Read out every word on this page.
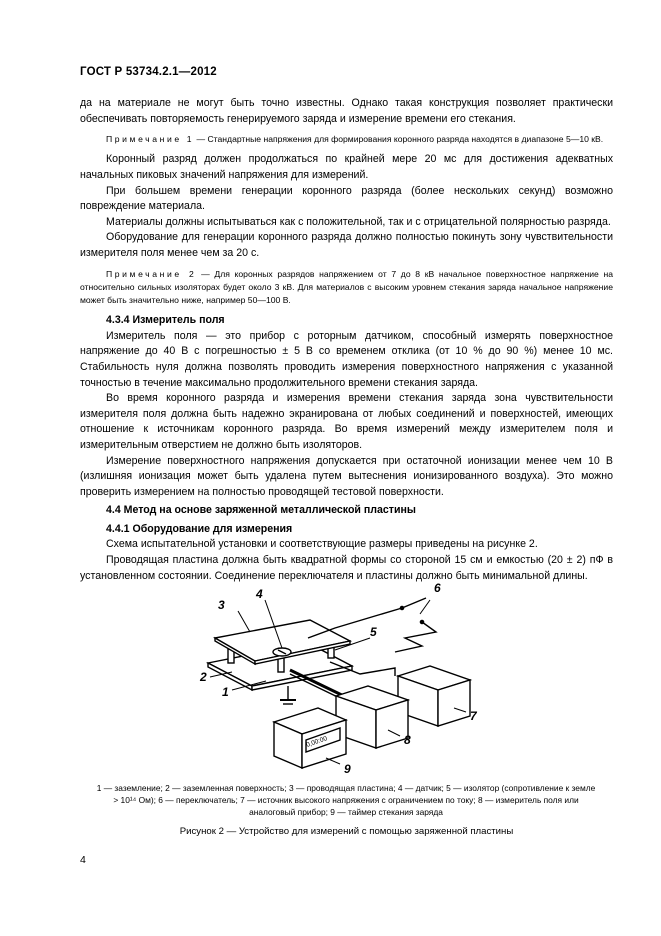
ГОСТ Р 53734.2.1—2012

да на материале не могут быть точно известны. Однако такая конструкция позволяет практически обеспечивать повторяемость генерируемого заряда и измерение времени его стекания.

Примечание 1 — Стандартные напряжения для формирования коронного разряда находятся в диапазоне 5—10 кВ.

Коронный разряд должен продолжаться по крайней мере 20 мс для достижения адекватных начальных пиковых значений напряжения для измерений.

При большем времени генерации коронного разряда (более нескольких секунд) возможно повреждение материала.

Материалы должны испытываться как с положительной, так и с отрицательной полярностью разряда.

Оборудование для генерации коронного разряда должно полностью покинуть зону чувствительности измерителя поля менее чем за 20 с.

Примечание 2 — Для коронных разрядов напряжением от 7 до 8 кВ начальное поверхностное напряжение на относительно сильных изоляторах будет около 3 кВ. Для материалов с высоким уровнем стекания заряда начальное напряжение может быть значительно ниже, например 50—100 В.

4.3.4 Измеритель поля

Измеритель поля — это прибор с роторным датчиком, способный измерять поверхностное напряжение до 40 В с погрешностью ± 5 В со временем отклика (от 10 % до 90 %) менее 10 мс. Стабильность нуля должна позволять проводить измерения поверхностного напряжения с указанной точностью в течение максимально продолжительного времени стекания заряда.

Во время коронного разряда и измерения времени стекания заряда зона чувствительности измерителя поля должна быть надежно экранирована от любых соединений и поверхностей, имеющих отношение к источникам коронного разряда. Во время измерений между измерителем поля и измерительным отверстием не должно быть изоляторов.

Измерение поверхностного напряжения допускается при остаточной ионизации менее чем 10 В (излишняя ионизация может быть удалена путем вытеснения ионизированного воздуха). Это можно проверить измерением на полностью проводящей тестовой поверхности.

4.4 Метод на основе заряженной металлической пластины

4.4.1 Оборудование для измерения

Схема испытательной установки и соответствующие размеры приведены на рисунке 2.

Проводящая пластина должна быть квадратной формы со стороной 15 см и емкостью (20 ± 2) пФ в установленном состоянии. Соединение переключателя и пластины должно быть минимальной длины.

0,00:00
1
2
3
4
5
6
7
8
9
1 — заземление; 2 — заземленная поверхность; 3 — проводящая пластина; 4 — датчик; 5 — изолятор (сопротивление к земле > 10¹⁴ Ом); 6 — переключатель; 7 — источник высокого напряжения с ограничением по току; 8 — измеритель поля или аналоговый прибор; 9 — таймер стекания заряда
Рисунок 2 — Устройство для измерений с помощью заряженной пластины
4
